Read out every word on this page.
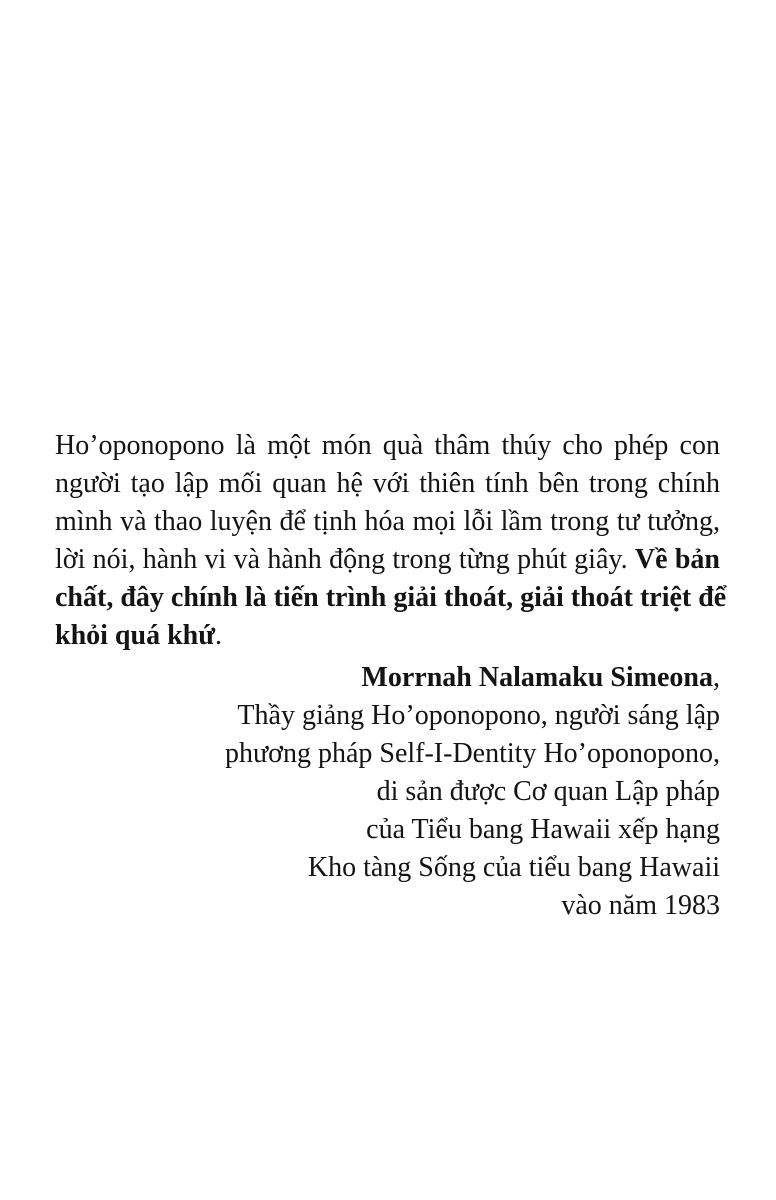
Ho’oponopono là một món quà thâm thúy cho phép con
người tạo lập mối quan hệ với thiên tính bên trong chính
mình và thao luyện để tịnh hóa mọi lỗi lầm trong tư tưởng,
lời nói, hành vi và hành động trong từng phút giây. Về bản
chất, đây chính là tiến trình giải thoát, giải thoát triệt để
khỏi quá khứ.
Morrnah Nalamaku Simeona,
Thầy giảng Ho’oponopono, người sáng lập
phương pháp Self-I-Dentity Ho’oponopono,
di sản được Cơ quan Lập pháp
của Tiểu bang Hawaii xếp hạng
Kho tàng Sống của tiểu bang Hawaii
vào năm 1983
